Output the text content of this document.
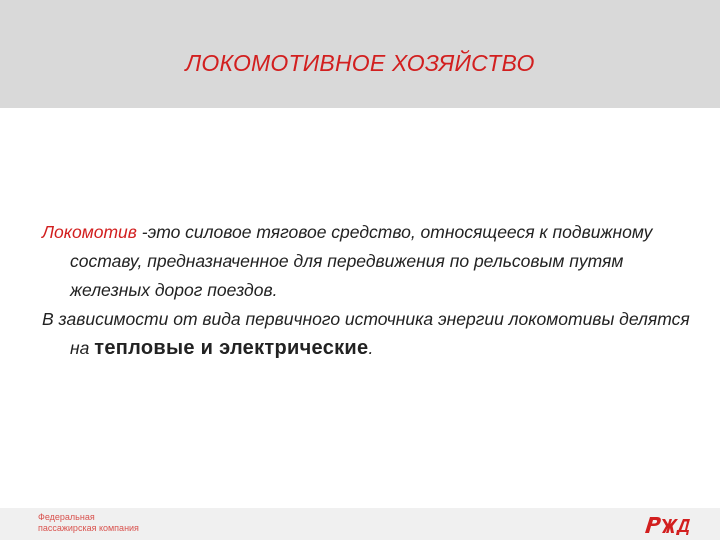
ЛОКОМОТИВНОЕ ХОЗЯЙСТВО

Локомотив -это силовое тяговое средство, относящееся к подвижному составу, предназначенное для передвижения по рельсовым путям железных дорог поездов.

В зависимости от вида первичного источника энергии локомотивы делятся на тепловые и электрические.

Федеральная
пассажирская компания
